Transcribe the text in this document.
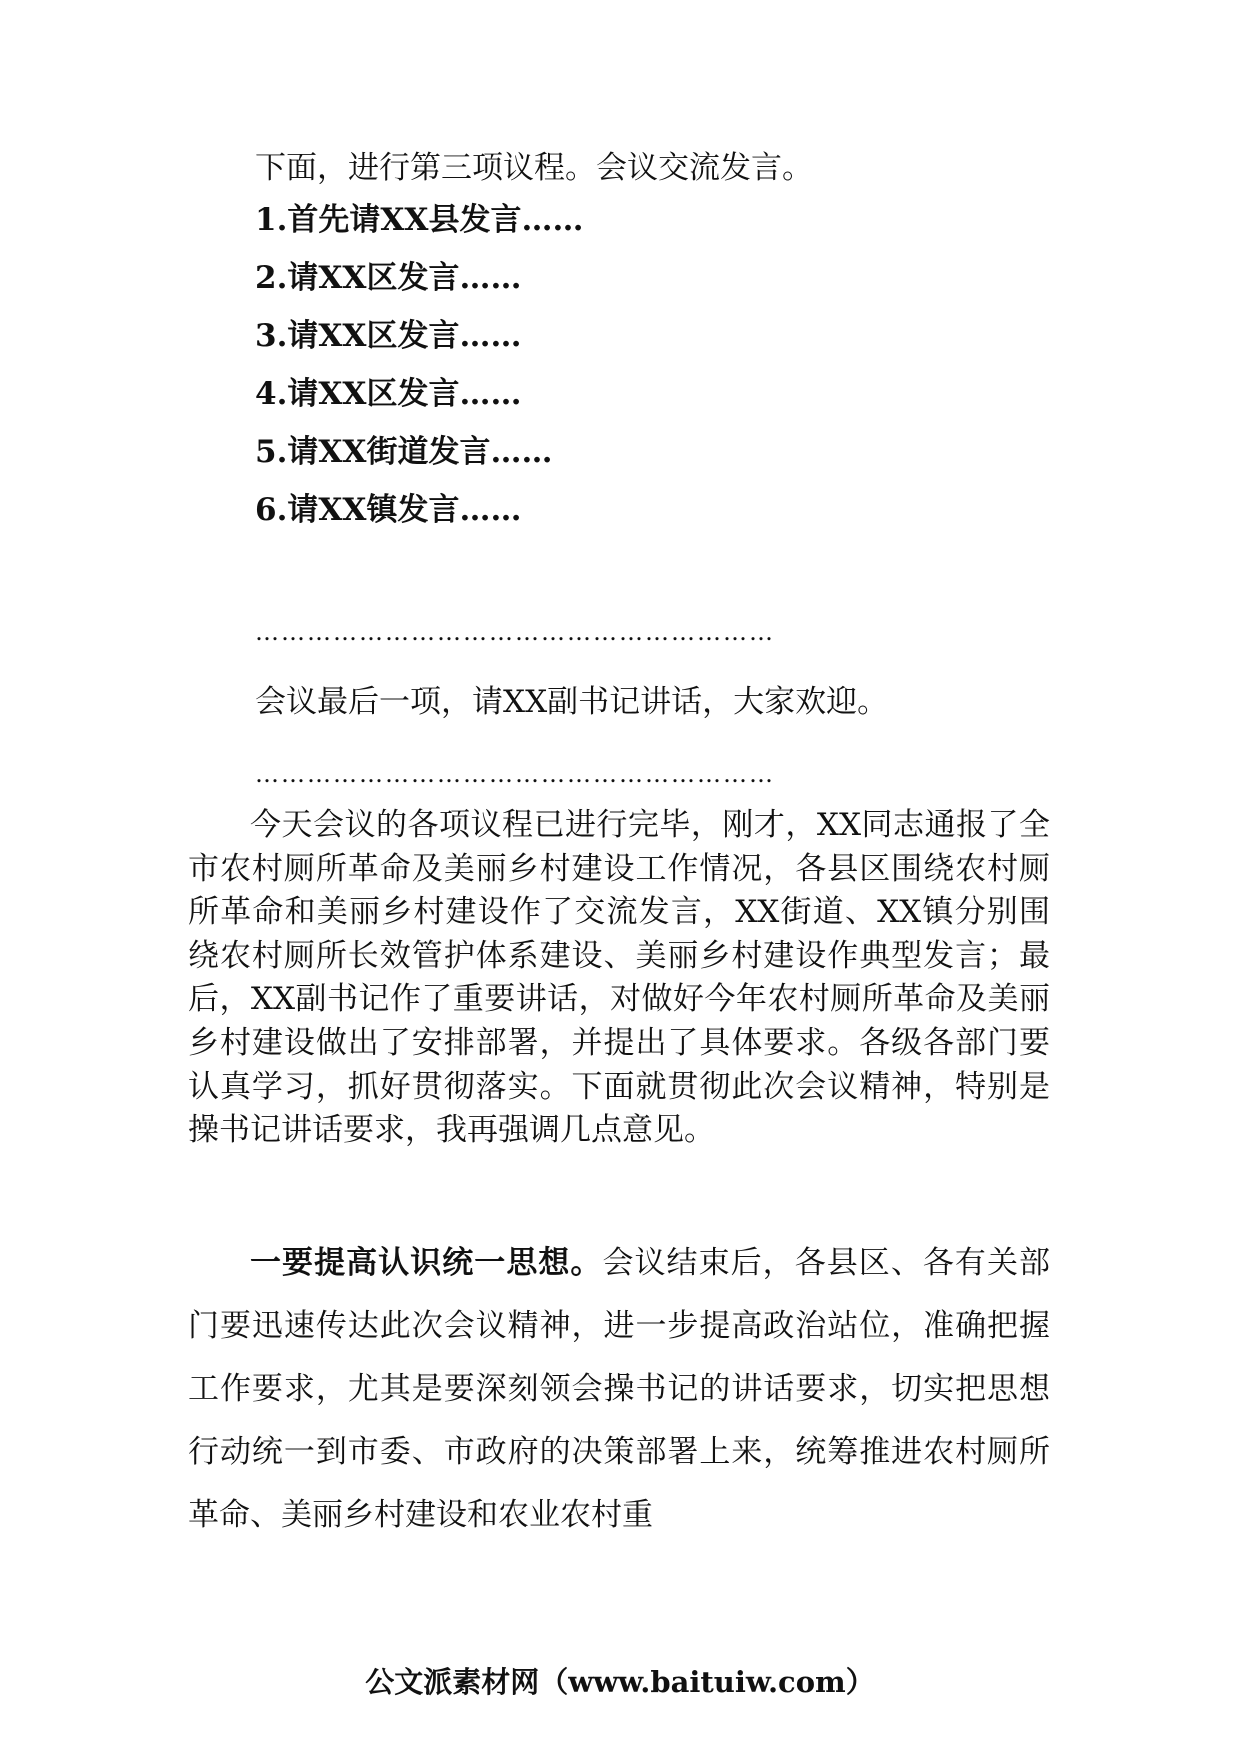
下面，进行第三项议程。会议交流发言。
1.首先请XX县发言……
2.请XX区发言……
3.请XX区发言……
4.请XX区发言……
5.请XX街道发言……
6.请XX镇发言……
……………………………………………………
会议最后一项，请XX副书记讲话，大家欢迎。
……………………………………………………
今天会议的各项议程已进行完毕，刚才，XX同志通报了全市农村厕所革命及美丽乡村建设工作情况，各县区围绕农村厕所革命和美丽乡村建设作了交流发言，XX街道、XX镇分别围绕农村厕所长效管护体系建设、美丽乡村建设作典型发言；最后，XX副书记作了重要讲话，对做好今年农村厕所革命及美丽乡村建设做出了安排部署，并提出了具体要求。各级各部门要认真学习，抓好贯彻落实。下面就贯彻此次会议精神，特别是操书记讲话要求，我再强调几点意见。
一要提高认识统一思想。会议结束后，各县区、各有关部门要迅速传达此次会议精神，进一步提高政治站位，准确把握工作要求，尤其是要深刻领会操书记的讲话要求，切实把思想行动统一到市委、市政府的决策部署上来，统筹推进农村厕所革命、美丽乡村建设和农业农村重
公文派素材网（www.baituiw.com）
